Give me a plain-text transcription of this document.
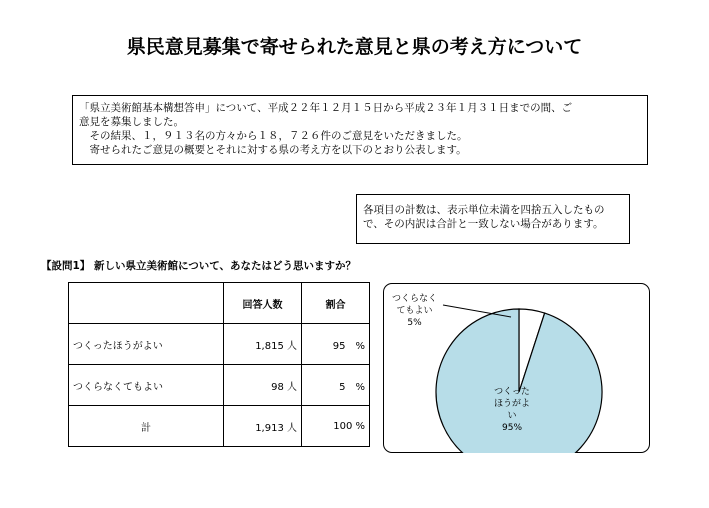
県民意見募集で寄せられた意見と県の考え方について
「県立美術館基本構想答申」について、平成２２年１２月１５日から平成２３年１月３１日までの間、ご
意見を募集しました。
　その結果、１，９１３名の方々から１８，７２６件のご意見をいただきました。
　寄せられたご意見の概要とそれに対する県の考え方を以下のとおり公表します。
各項目の計数は、表示単位未満を四捨五入したもの
で、その内訳は合計と一致しない場合があります。
【設問1】 新しい県立美術館について、あなたはどう思いますか？
	回答人数	割合
つくったほうがよい	1,815 人	95　%
つくらなくてもよい	98 人	5　%
計	1,913 人	100 %
つくらなく
てもよい
5%
つくった
ほうがよ
い
95%
